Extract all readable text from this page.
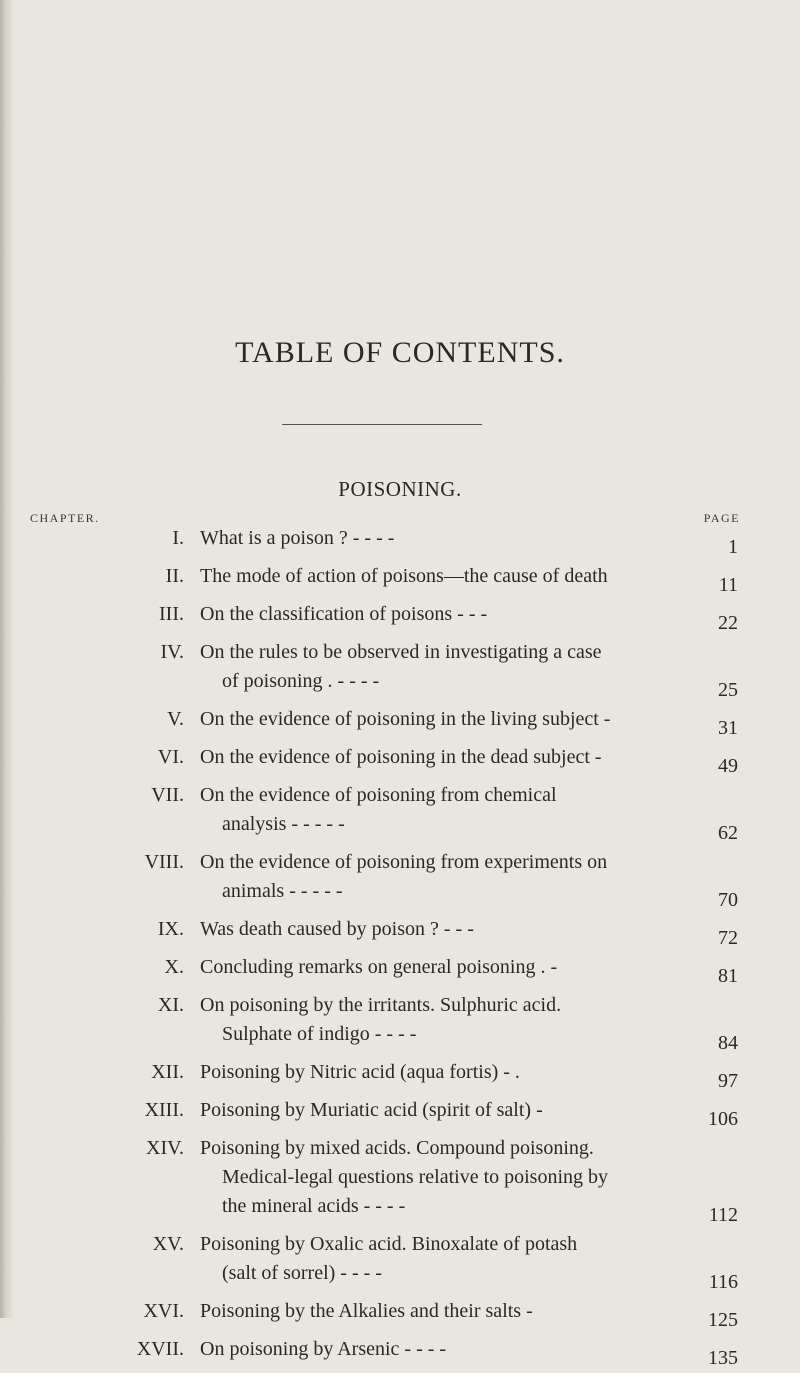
TABLE OF CONTENTS.
POISONING.
CHAPTER.	PAGE
I. What is a poison ? - - - -	1
II. The mode of action of poisons—the cause of death	11
III. On the classification of poisons - - -	22
IV. On the rules to be observed in investigating a case
of poisoning . - - - -	25
V. On the evidence of poisoning in the living subject -	31
VI. On the evidence of poisoning in the dead subject -	49
VII. On the evidence of poisoning from chemical
analysis - - - - -	62
VIII. On the evidence of poisoning from experiments on
animals - - - - -	70
IX. Was death caused by poison ? - - -	72
X. Concluding remarks on general poisoning . -	81
XI. On poisoning by the irritants. Sulphuric acid.
Sulphate of indigo - - - -	84
XII. Poisoning by Nitric acid (aqua fortis) - .	97
XIII. Poisoning by Muriatic acid (spirit of salt) -	106
XIV. Poisoning by mixed acids. Compound poisoning.
Medical-legal questions relative to poisoning by
the mineral acids - - - -	112
XV. Poisoning by Oxalic acid. Binoxalate of potash
(salt of sorrel) - - - -	116
XVI. Poisoning by the Alkalies and their salts -	125
XVII. On poisoning by Arsenic - - - -	135
